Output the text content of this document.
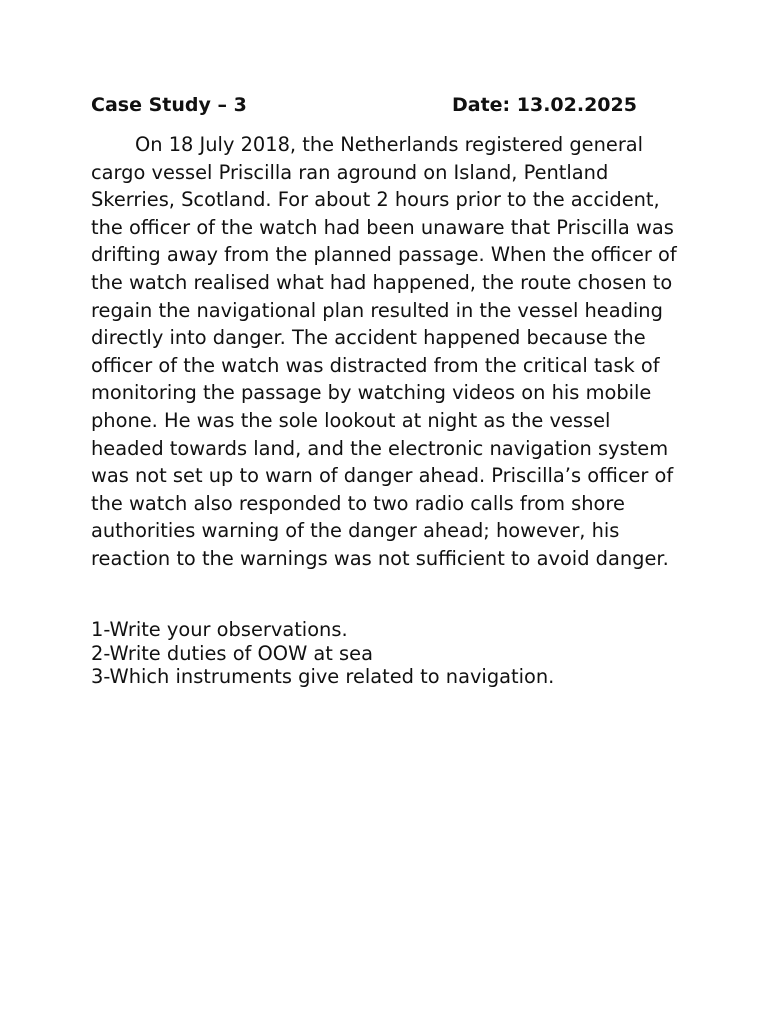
Case Study – 3	Date: 13.02.2025
On 18 July 2018, the Netherlands registered general cargo vessel Priscilla ran aground on Island, Pentland Skerries, Scotland. For about 2 hours prior to the accident, the officer of the watch had been unaware that Priscilla was drifting away from the planned passage. When the officer of the watch realised what had happened, the route chosen to regain the navigational plan resulted in the vessel heading directly into danger. The accident happened because the officer of the watch was distracted from the critical task of monitoring the passage by watching videos on his mobile phone. He was the sole lookout at night as the vessel headed towards land, and the electronic navigation system was not set up to warn of danger ahead. Priscilla’s officer of the watch also responded to two radio calls from shore authorities warning of the danger ahead; however, his reaction to the warnings was not sufficient to avoid danger.
1-Write your observations.
2-Write duties of OOW at sea
3-Which instruments give related to navigation.
